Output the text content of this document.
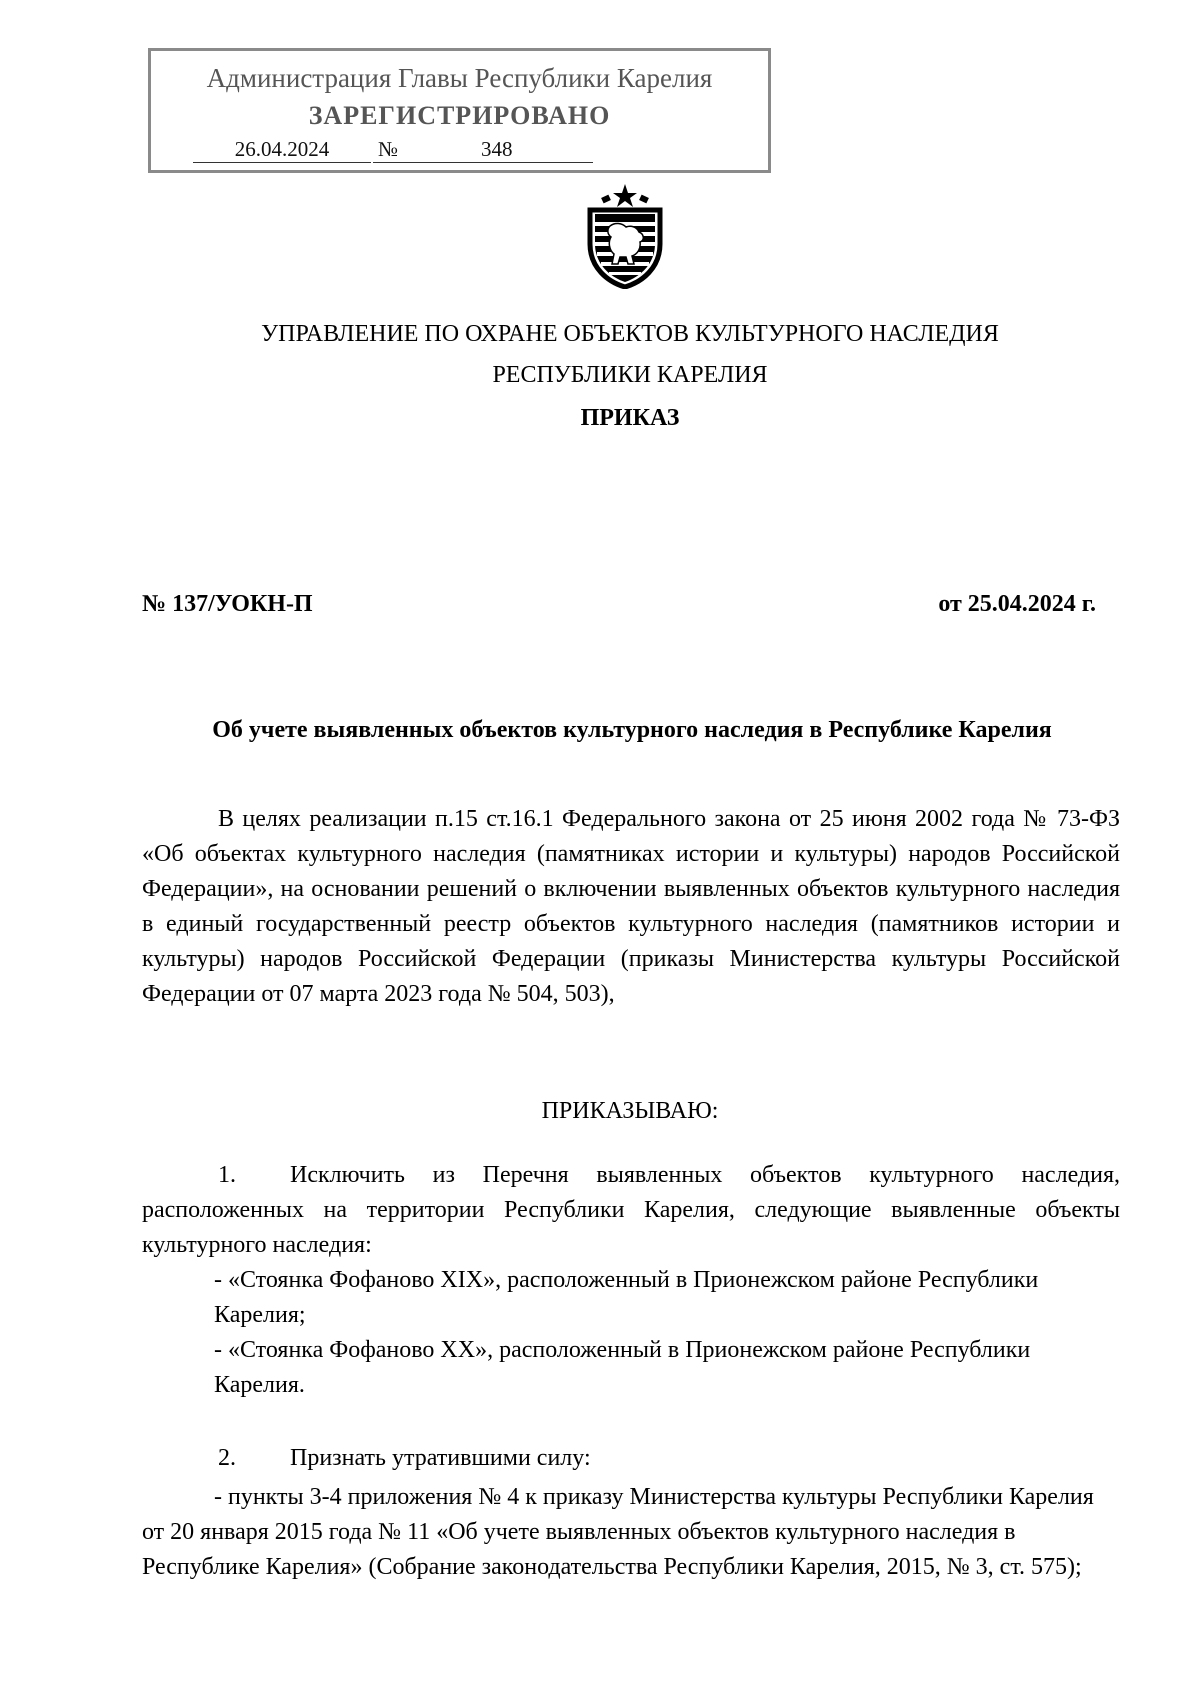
Администрация Главы Республики Карелия
ЗАРЕГИСТРИРОВАНО
26.04.2024	№	348
УПРАВЛЕНИЕ ПО ОХРАНЕ ОБЪЕКТОВ КУЛЬТУРНОГО НАСЛЕДИЯ
РЕСПУБЛИКИ КАРЕЛИЯ
ПРИКАЗ
№ 137/УОКН-П	от 25.04.2024 г.
Об учете выявленных объектов культурного наследия в Республике Карелия
В целях реализации п.15 ст.16.1 Федерального закона от 25 июня 2002 года № 73-ФЗ «Об объектах культурного наследия (памятниках истории и культуры) народов Российской Федерации», на основании решений о включении выявленных объектов культурного наследия в единый государственный реестр объектов культурного наследия (памятников истории и культуры) народов Российской Федерации (приказы Министерства культуры Российской Федерации от 07 марта 2023 года № 504, 503),
ПРИКАЗЫВАЮ:
1. Исключить из Перечня выявленных объектов культурного наследия, расположенных на территории Республики Карелия, следующие выявленные объекты культурного наследия:
- «Стоянка Фофаново XIX», расположенный в Прионежском районе Республики Карелия;
- «Стоянка Фофаново XX», расположенный в Прионежском районе Республики Карелия.
2. Признать утратившими силу:
- пункты 3-4 приложения № 4 к приказу Министерства культуры Республики Карелия от 20 января 2015 года № 11 «Об учете выявленных объектов культурного наследия в Республике Карелия» (Собрание законодательства Республики Карелия, 2015, № 3, ст. 575);
